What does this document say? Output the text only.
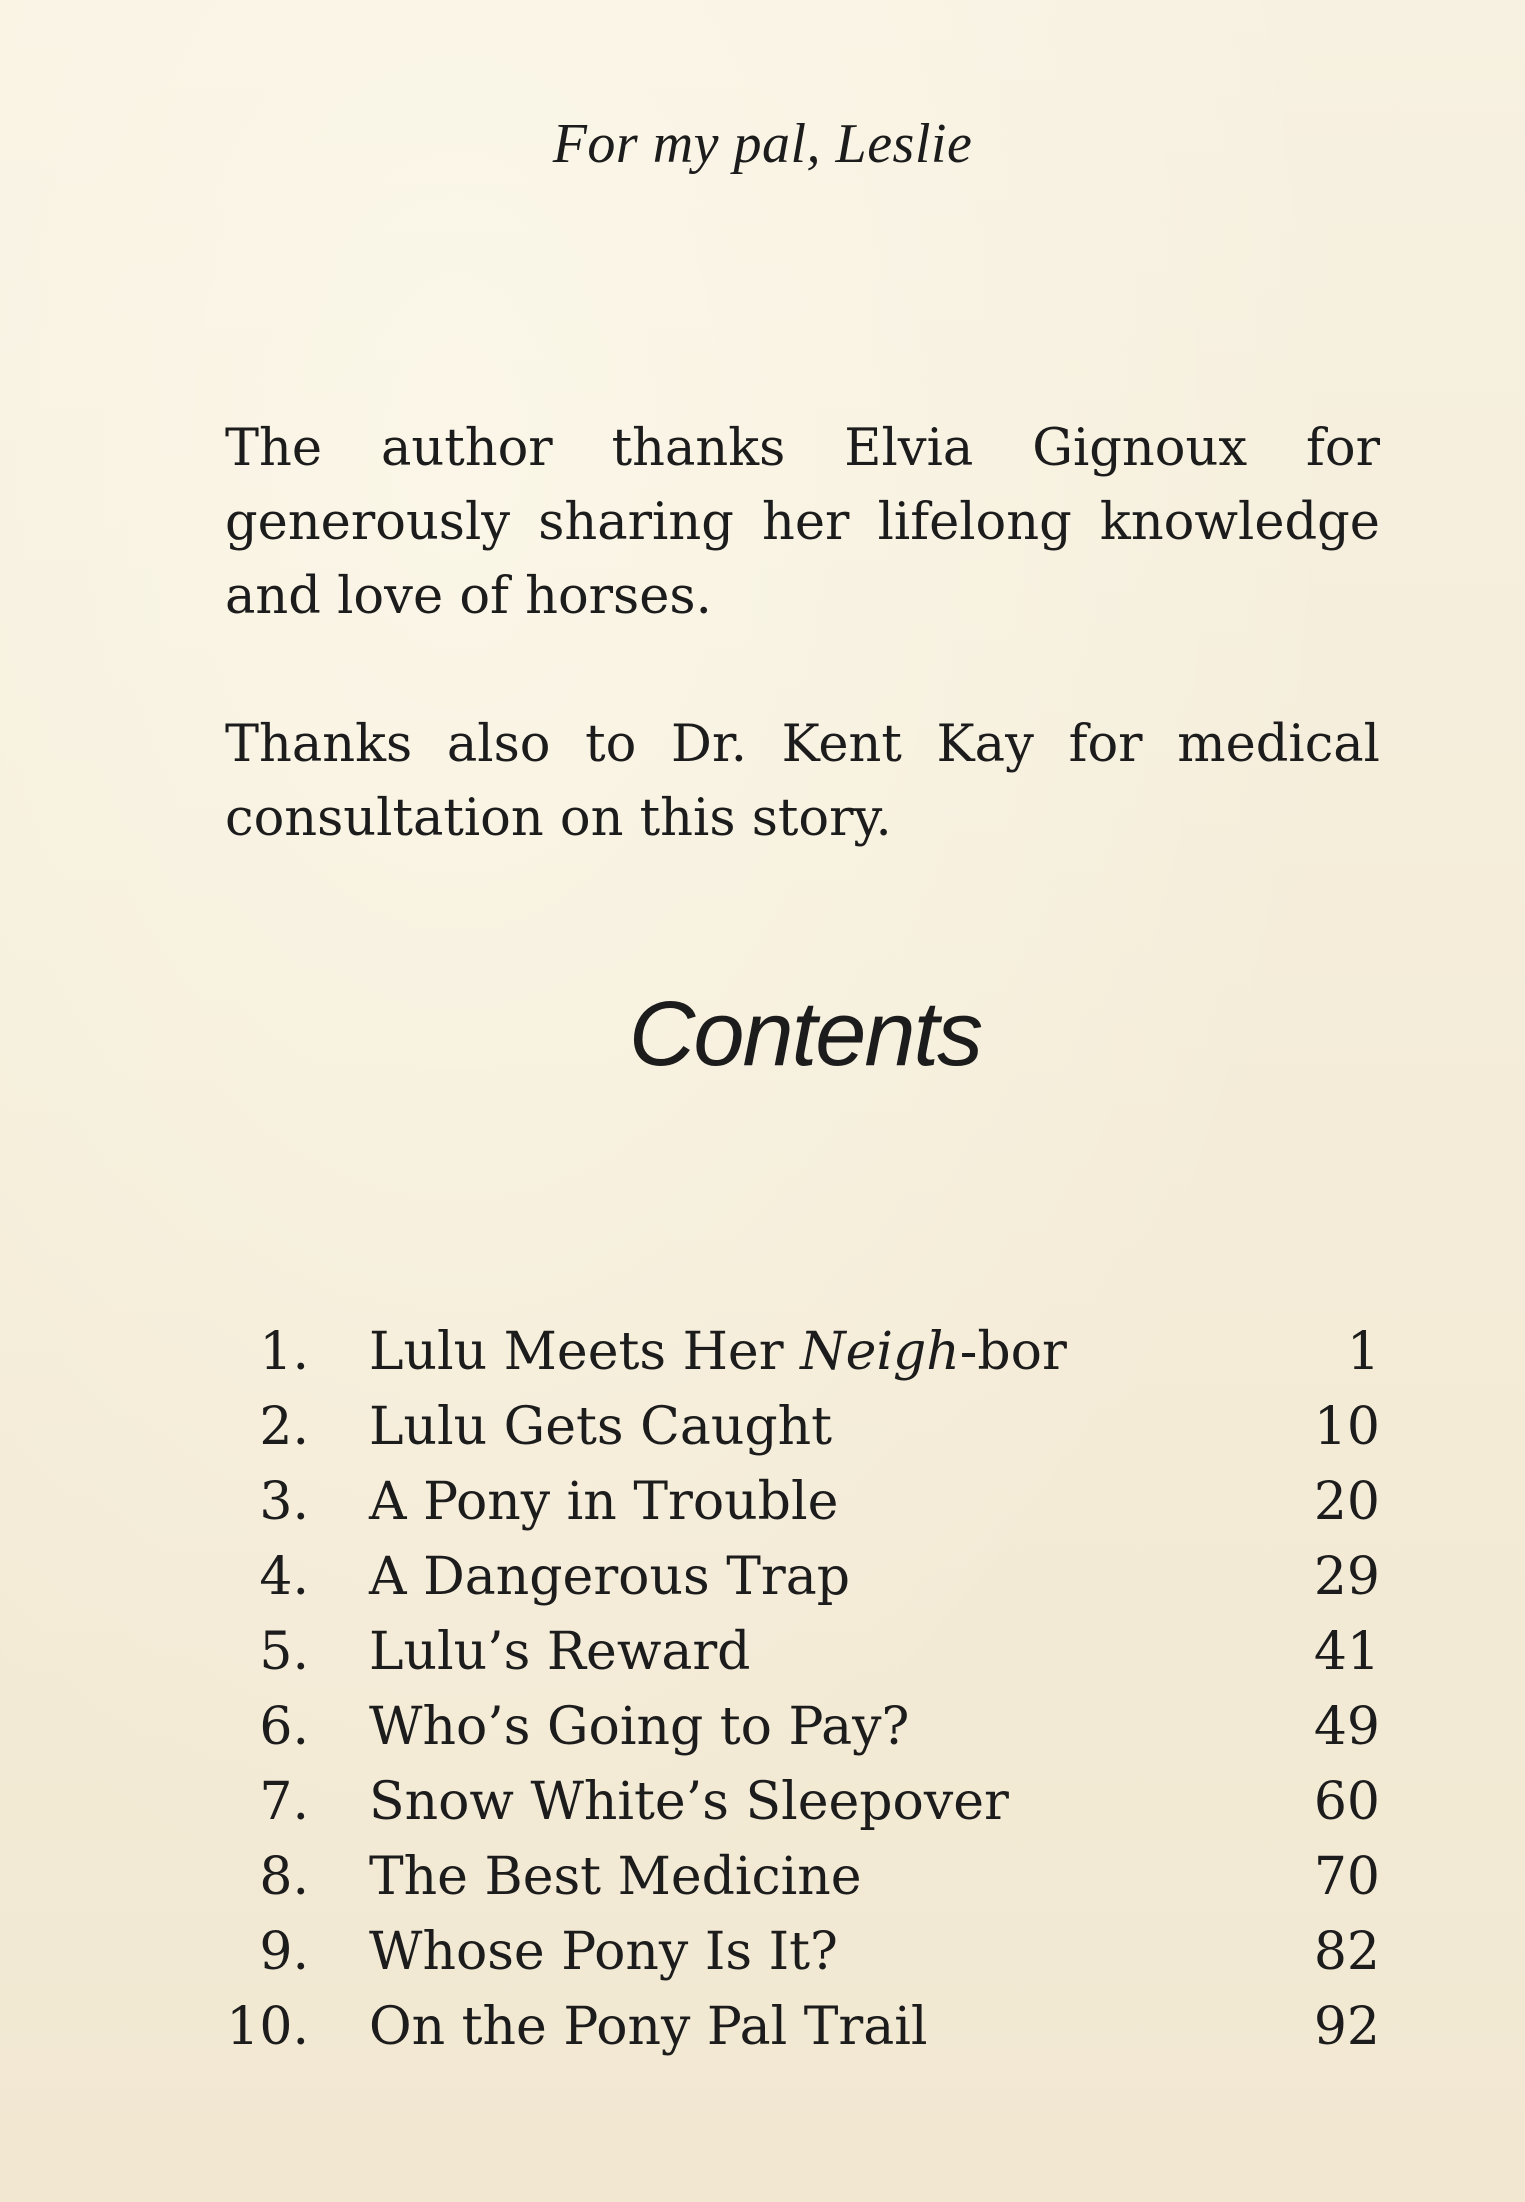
For my pal, Leslie

The author thanks Elvia Gignoux for generously sharing her lifelong knowledge and love of horses.

Thanks also to Dr. Kent Kay for medical consultation on this story.

Contents
1. Lulu Meets Her Neigh-bor	1
2. Lulu Gets Caught	10
3. A Pony in Trouble	20
4. A Dangerous Trap	29
5. Lulu’s Reward	41
6. Who’s Going to Pay?	49
7. Snow White’s Sleepover	60
8. The Best Medicine	70
9. Whose Pony Is It?	82
10. On the Pony Pal Trail	92
